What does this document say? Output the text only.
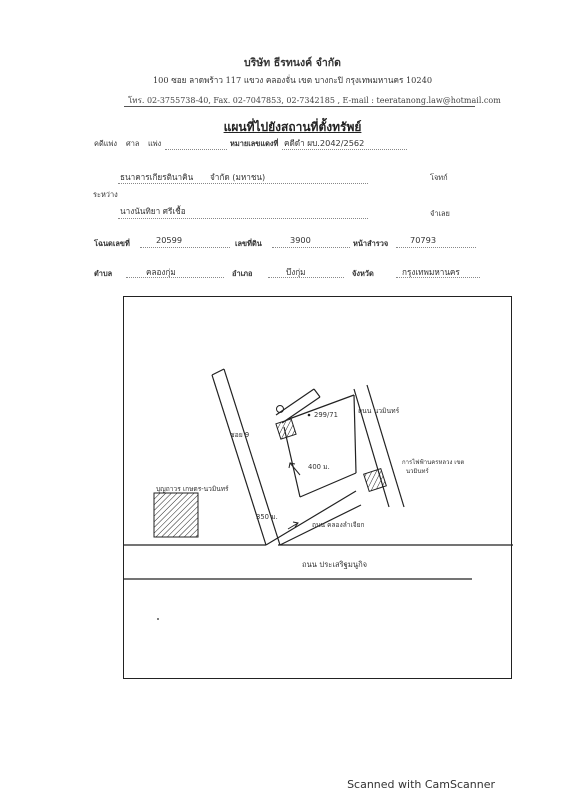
บริษัท ธีรทนงค์ จำกัด
100 ซอย ลาดพร้าว 117 แขวง คลองจั่น เขต บางกะปิ กรุงเทพมหานคร 10240
โทร. 02-3755738-40, Fax. 02-7047853, 02-7342185 , E-mail : teeratanong.law@hotmail.com
แผนที่ไปยังสถานที่ตั้งทรัพย์
คดีแพ่ง ศาล แพ่ง	หมายเลขแดงที่ คดีดำ ผบ.2042/2562
ธนาคารเกียรตินาคิน จำกัด (มหาชน)	โจทก์
ระหว่าง
นางนันทิยา ศรีเชื้อ	จำเลย
โฉนดเลขที่	20599	เลขที่ดิน	3900	หน้าสำรวจ	70793
ตำบล	คลองกุ่ม	อำเภอ	บึงกุ่ม	จังหวัด	กรุงเทพมหานคร
299/71
ซอย 9
ถนน นวมินทร์
400 ม.
การไฟฟ้านครหลวง เขต
นวมินทร์
บุญถาวร เกษตร-นวมินทร์
350 ม.
ถนน คลองลำเจียก
ถนน ประเสริฐมนูกิจ
Scanned with CamScanner
